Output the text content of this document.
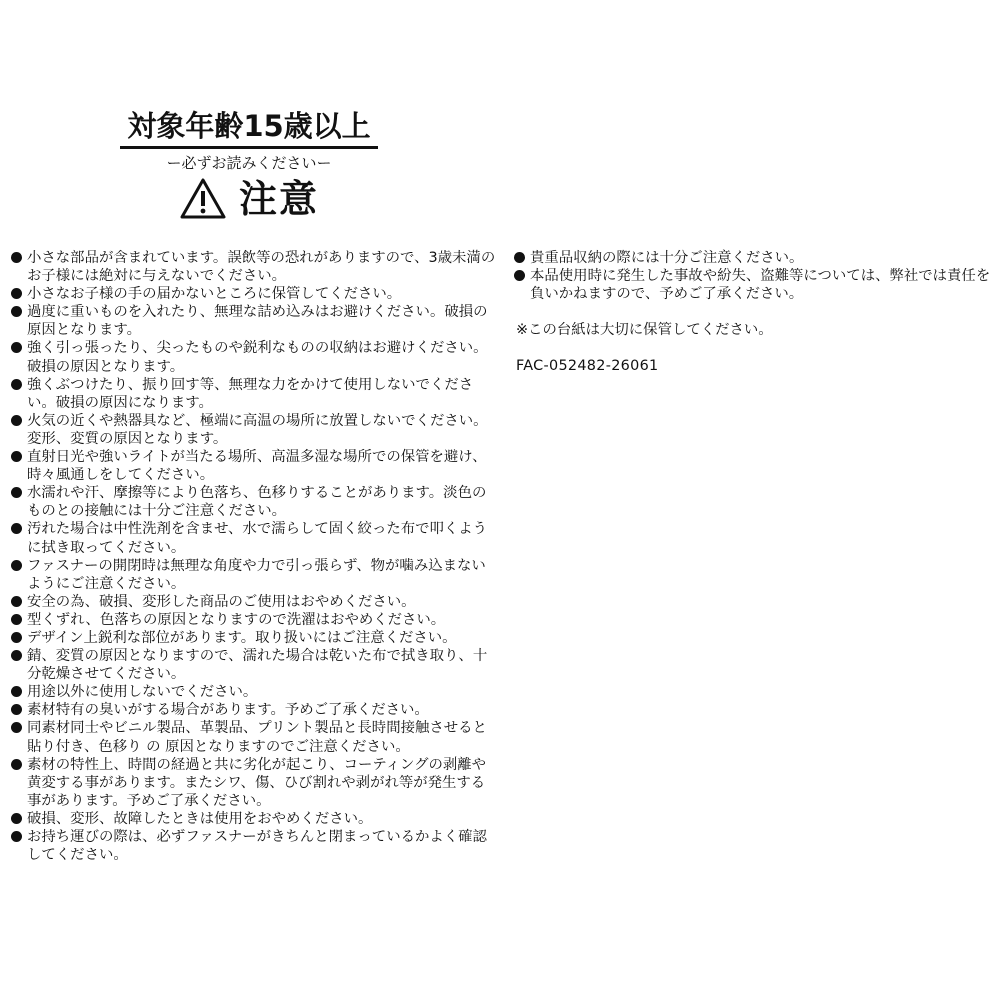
対象年齢15歳以上
ー必ずお読みくださいー
注意
小さな部品が含まれています。誤飲等の恐れがありますので、3歳未満のお子様には絶対に与えないでください。
小さなお子様の手の届かないところに保管してください。
過度に重いものを入れたり、無理な詰め込みはお避けください。破損の原因となります。
強く引っ張ったり、尖ったものや鋭利なものの収納はお避けください。破損の原因となります。
強くぶつけたり、振り回す等、無理な力をかけて使用しないでください。破損の原因になります。
火気の近くや熱器具など、極端に高温の場所に放置しないでください。変形、変質の原因となります。
直射日光や強いライトが当たる場所、高温多湿な場所での保管を避け、時々風通しをしてください。
水濡れや汗、摩擦等により色落ち、色移りすることがあります。淡色のものとの接触には十分ご注意ください。
汚れた場合は中性洗剤を含ませ、水で濡らして固く絞った布で叩くように拭き取ってください。
ファスナーの開閉時は無理な角度や力で引っ張らず、物が噛み込まないようにご注意ください。
安全の為、破損、変形した商品のご使用はおやめください。
型くずれ、色落ちの原因となりますので洗濯はおやめください。
デザイン上鋭利な部位があります。取り扱いにはご注意ください。
錆、変質の原因となりますので、濡れた場合は乾いた布で拭き取り、十分乾燥させてください。
用途以外に使用しないでください。
素材特有の臭いがする場合があります。予めご了承ください。
同素材同士やビニル製品、革製品、プリント製品と長時間接触させると貼り付き、色移り の 原因となりますのでご注意ください。
素材の特性上、時間の経過と共に劣化が起こり、コーティングの剥離や黄変する事があります。またシワ、傷、ひび割れや剥がれ等が発生する事があります。予めご了承ください。
破損、変形、故障したときは使用をおやめください。
お持ち運びの際は、必ずファスナーがきちんと閉まっているかよく確認してください。
貴重品収納の際には十分ご注意ください。
本品使用時に発生した事故や紛失、盗難等については、弊社では責任を負いかねますので、予めご了承ください。
※この台紙は大切に保管してください。
FAC-052482-26061
